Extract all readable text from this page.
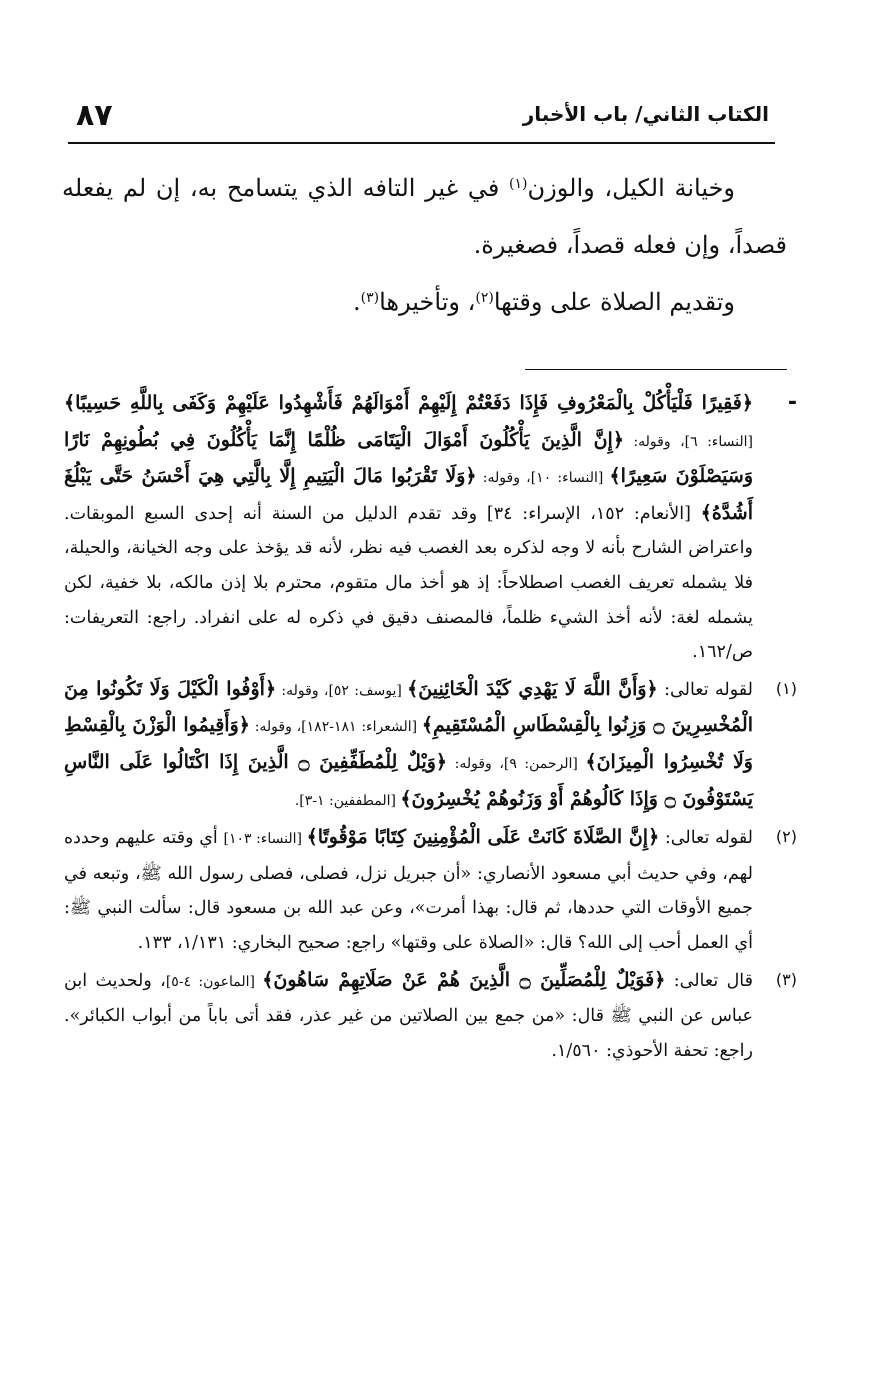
الكتاب الثاني/ باب الأخبار
٨٧

وخيانة الكيل، والوزن$^{(١)}$ في غير التافه الذي يتسامح به، إن لم يفعله قصداً، وإن فعله قصداً، فصغيرة.

وتقديم الصلاة على وقتها$^{(٢)}$، وتأخيرها$^{(٣)}$.

-
﴿فَقِيرًا فَلْيَأْكُلْ بِالْمَعْرُوفِ فَإِذَا دَفَعْتُمْ إِلَيْهِمْ أَمْوَالَهُمْ فَأَشْهِدُوا عَلَيْهِمْ وَكَفَى بِاللَّهِ حَسِيبًا﴾ [النساء: ٦]، وقوله: ﴿إِنَّ الَّذِينَ يَأْكُلُونَ أَمْوَالَ الْيَتَامَى ظُلْمًا إِنَّمَا يَأْكُلُونَ فِي بُطُونِهِمْ نَارًا وَسَيَصْلَوْنَ سَعِيرًا﴾ [النساء: ١٠]، وقوله: ﴿وَلَا تَقْرَبُوا مَالَ الْيَتِيمِ إِلَّا بِالَّتِي هِيَ أَحْسَنُ حَتَّى يَبْلُغَ أَشُدَّهُ﴾ [الأنعام: ١٥٢، الإسراء: ٣٤] وقد تقدم الدليل من السنة أنه إحدى السبع الموبقات. واعتراض الشارح بأنه لا وجه لذكره بعد الغصب فيه نظر، لأنه قد يؤخذ على وجه الخيانة، والحيلة، فلا يشمله تعريف الغصب اصطلاحاً: إذ هو أخذ مال متقوم، محترم بلا إذن مالكه، بلا خفية، لكن يشمله لغة: لأنه أخذ الشيء ظلماً، فالمصنف دقيق في ذكره له على انفراد. راجع: التعريفات: ص/١٦٢.

(١)
لقوله تعالى: ﴿وَأَنَّ اللَّهَ لَا يَهْدِي كَيْدَ الْخَائِنِينَ﴾ [يوسف: ٥٢]، وقوله: ﴿أَوْفُوا الْكَيْلَ وَلَا تَكُونُوا مِنَ الْمُخْسِرِينَ ۝ وَزِنُوا بِالْقِسْطَاسِ الْمُسْتَقِيمِ﴾ [الشعراء: ١٨١-١٨٢]، وقوله: ﴿وَأَقِيمُوا الْوَزْنَ بِالْقِسْطِ وَلَا تُخْسِرُوا الْمِيزَانَ﴾ [الرحمن: ٩]، وقوله: ﴿وَيْلٌ لِلْمُطَفِّفِينَ ۝ الَّذِينَ إِذَا اكْتَالُوا عَلَى النَّاسِ يَسْتَوْفُونَ ۝ وَإِذَا كَالُوهُمْ أَوْ وَزَنُوهُمْ يُخْسِرُونَ﴾ [المطففين: ١-٣].

(٢)
لقوله تعالى: ﴿إِنَّ الصَّلَاةَ كَانَتْ عَلَى الْمُؤْمِنِينَ كِتَابًا مَوْقُوتًا﴾ [النساء: ١٠٣] أي وقته عليهم وحدده لهم، وفي حديث أبي مسعود الأنصاري: «أن جبريل نزل، فصلى، فصلى رسول الله ﷺ، وتبعه في جميع الأوقات التي حددها، ثم قال: بهذا أمرت»، وعن عبد الله بن مسعود قال: سألت النبي ﷺ: أي العمل أحب إلى الله؟ قال: «الصلاة على وقتها» راجع: صحيح البخاري: ١/١٣١، ١٣٣.

(٣)
قال تعالى: ﴿فَوَيْلٌ لِلْمُصَلِّينَ ۝ الَّذِينَ هُمْ عَنْ صَلَاتِهِمْ سَاهُونَ﴾ [الماعون: ٤-٥]، ولحديث ابن عباس عن النبي ﷺ قال: «من جمع بين الصلاتين من غير عذر، فقد أتى باباً من أبواب الكبائر». راجع: تحفة الأحوذي: ١/٥٦٠.
